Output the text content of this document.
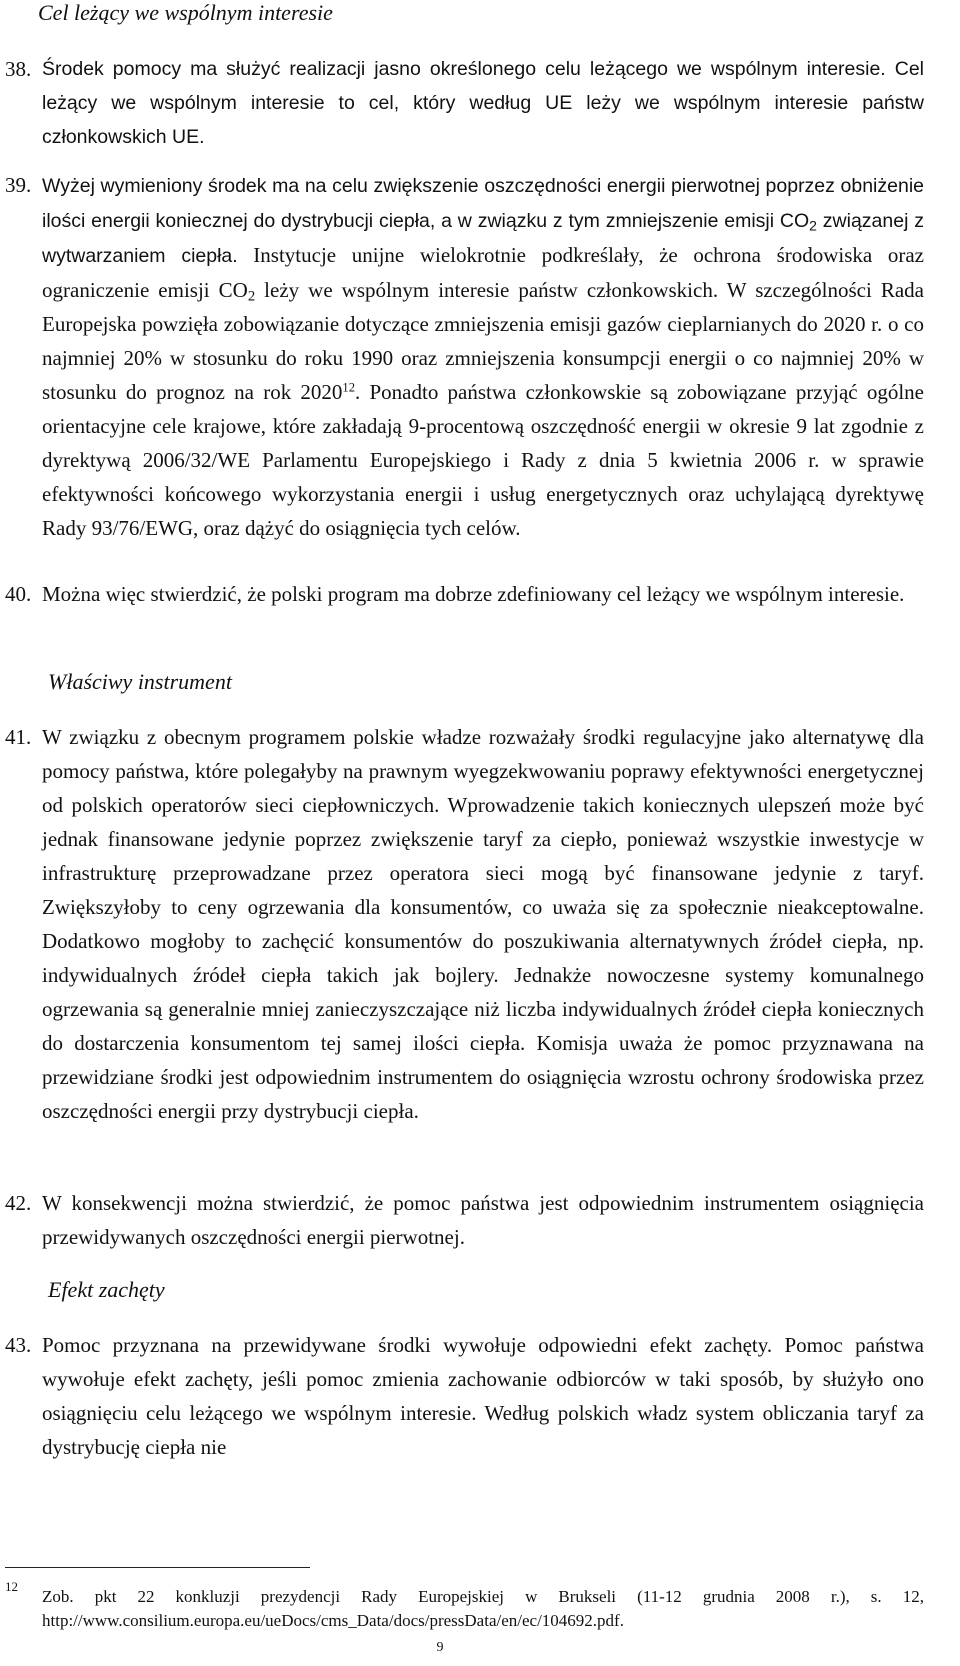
Cel leżący we wspólnym interesie

38. Środek pomocy ma służyć realizacji jasno określonego celu leżącego we wspólnym interesie. Cel leżący we wspólnym interesie to cel, który według UE leży we wspólnym interesie państw członkowskich UE.

39. Wyżej wymieniony środek ma na celu zwiększenie oszczędności energii pierwotnej poprzez obniżenie ilości energii koniecznej do dystrybucji ciepła, a w związku z tym zmniejszenie emisji $CO_2$ związanej z wytwarzaniem ciepła. Instytucje unijne wielokrotnie podkreślały, że ochrona środowiska oraz ograniczenie emisji $CO_2$ leży we wspólnym interesie państw członkowskich. W szczególności Rada Europejska powzięła zobowiązanie dotyczące zmniejszenia emisji gazów cieplarnianych do 2020 r. o co najmniej 20% w stosunku do roku 1990 oraz zmniejszenia konsumpcji energii o co najmniej 20% w stosunku do prognoz na rok 2020$^{12}$. Ponadto państwa członkowskie są zobowiązane przyjąć ogólne orientacyjne cele krajowe, które zakładają 9-procentową oszczędność energii w okresie 9 lat zgodnie z dyrektywą 2006/32/WE Parlamentu Europejskiego i Rady z dnia 5 kwietnia 2006 r. w sprawie efektywności końcowego wykorzystania energii i usług energetycznych oraz uchylającą dyrektywę Rady 93/76/EWG, oraz dążyć do osiągnięcia tych celów.

40. Można więc stwierdzić, że polski program ma dobrze zdefiniowany cel leżący we wspólnym interesie.

Właściwy instrument

41. W związku z obecnym programem polskie władze rozważały środki regulacyjne jako alternatywę dla pomocy państwa, które polegałyby na prawnym wyegzekwowaniu poprawy efektywności energetycznej od polskich operatorów sieci ciepłowniczych. Wprowadzenie takich koniecznych ulepszeń może być jednak finansowane jedynie poprzez zwiększenie taryf za ciepło, ponieważ wszystkie inwestycje w infrastrukturę przeprowadzane przez operatora sieci mogą być finansowane jedynie z taryf. Zwiększyłoby to ceny ogrzewania dla konsumentów, co uważa się za społecznie nieakceptowalne. Dodatkowo mogłoby to zachęcić konsumentów do poszukiwania alternatywnych źródeł ciepła, np. indywidualnych źródeł ciepła takich jak bojlery. Jednakże nowoczesne systemy komunalnego ogrzewania są generalnie mniej zanieczyszczające niż liczba indywidualnych źródeł ciepła koniecznych do dostarczenia konsumentom tej samej ilości ciepła. Komisja uważa że pomoc przyznawana na przewidziane środki jest odpowiednim instrumentem do osiągnięcia wzrostu ochrony środowiska przez oszczędności energii przy dystrybucji ciepła.

42. W konsekwencji można stwierdzić, że pomoc państwa jest odpowiednim instrumentem osiągnięcia przewidywanych oszczędności energii pierwotnej.

Efekt zachęty

43. Pomoc przyznana na przewidywane środki wywołuje odpowiedni efekt zachęty. Pomoc państwa wywołuje efekt zachęty, jeśli pomoc zmienia zachowanie odbiorców w taki sposób, by służyło ono osiągnięciu celu leżącego we wspólnym interesie. Według polskich władz system obliczania taryf za dystrybucję ciepła nie

12

Zob. pkt 22 konkluzji prezydencji Rady Europejskiej w Brukseli (11-12 grudnia 2008 r.), s. 12, http://www.consilium.europa.eu/ueDocs/cms_Data/docs/pressData/en/ec/104692.pdf.

9
